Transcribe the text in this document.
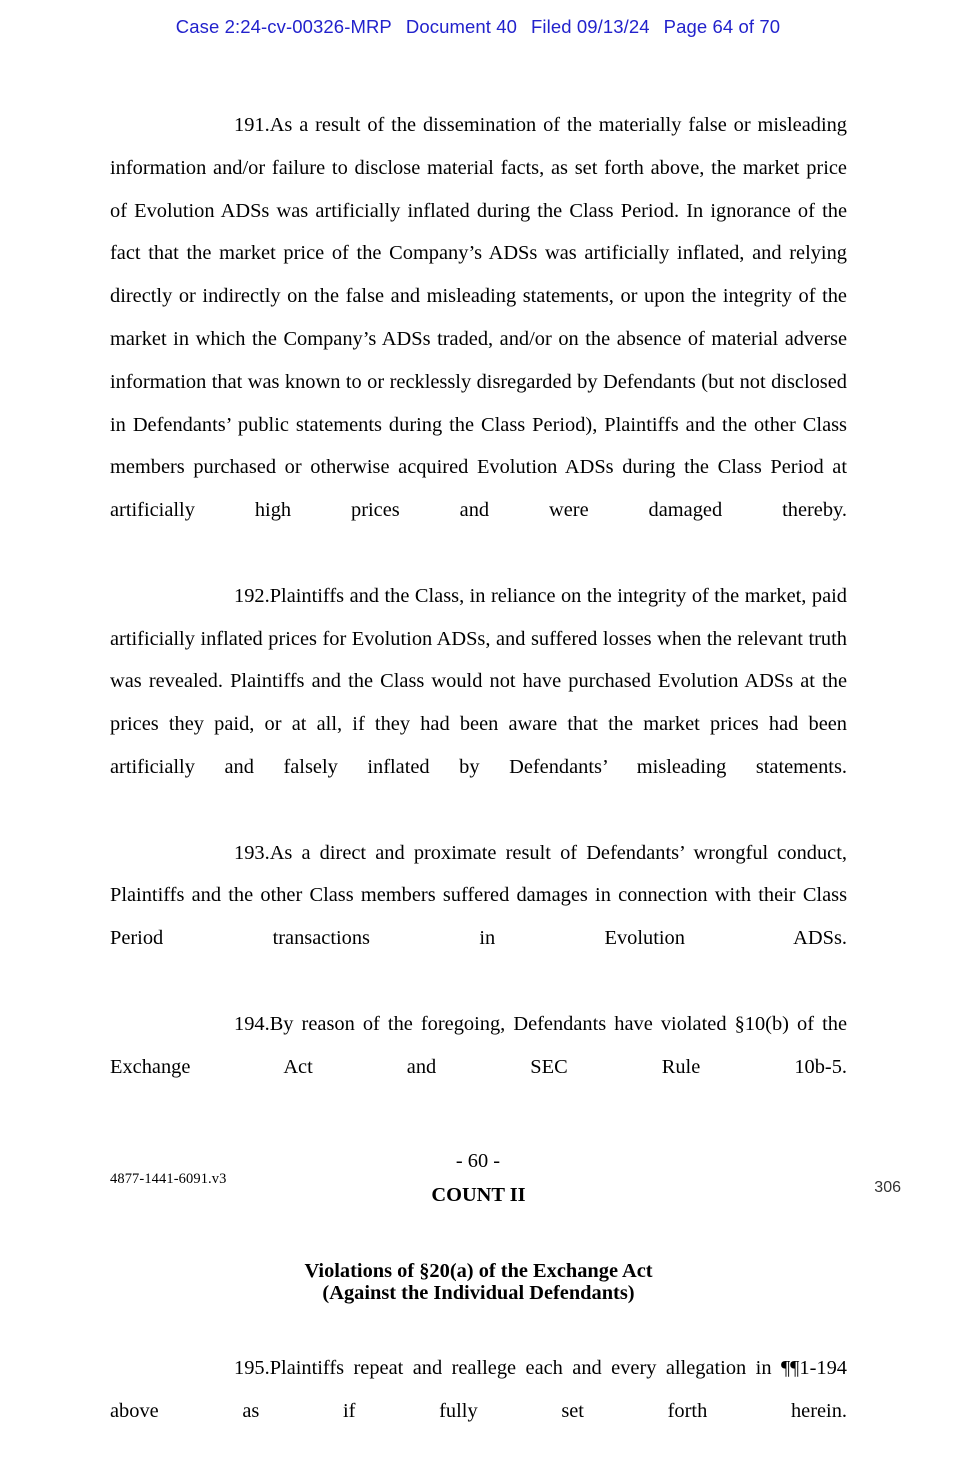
Case 2:24-cv-00326-MRP Document 40 Filed 09/13/24 Page 64 of 70

191.As a result of the dissemination of the materially false or misleading information and/or failure to disclose material facts, as set forth above, the market price of Evolution ADSs was artificially inflated during the Class Period. In ignorance of the fact that the market price of the Company’s ADSs was artificially inflated, and relying directly or indirectly on the false and misleading statements, or upon the integrity of the market in which the Company’s ADSs traded, and/or on the absence of material adverse information that was known to or recklessly disregarded by Defendants (but not disclosed in Defendants’ public statements during the Class Period), Plaintiffs and the other Class members purchased or otherwise acquired Evolution ADSs during the Class Period at artificially high prices and were damaged thereby.

192.Plaintiffs and the Class, in reliance on the integrity of the market, paid artificially inflated prices for Evolution ADSs, and suffered losses when the relevant truth was revealed. Plaintiffs and the Class would not have purchased Evolution ADSs at the prices they paid, or at all, if they had been aware that the market prices had been artificially and falsely inflated by Defendants’ misleading statements.

193.As a direct and proximate result of Defendants’ wrongful conduct, Plaintiffs and the other Class members suffered damages in connection with their Class Period transactions in Evolution ADSs.

194.By reason of the foregoing, Defendants have violated §10(b) of the Exchange Act and SEC Rule 10b-5.

COUNT II
Violations of §20(a) of the Exchange Act
(Against the Individual Defendants)

195.Plaintiffs repeat and reallege each and every allegation in ¶¶1-194 above as if fully set forth herein.

- 60 -
4877-1441-6091.v3	306
